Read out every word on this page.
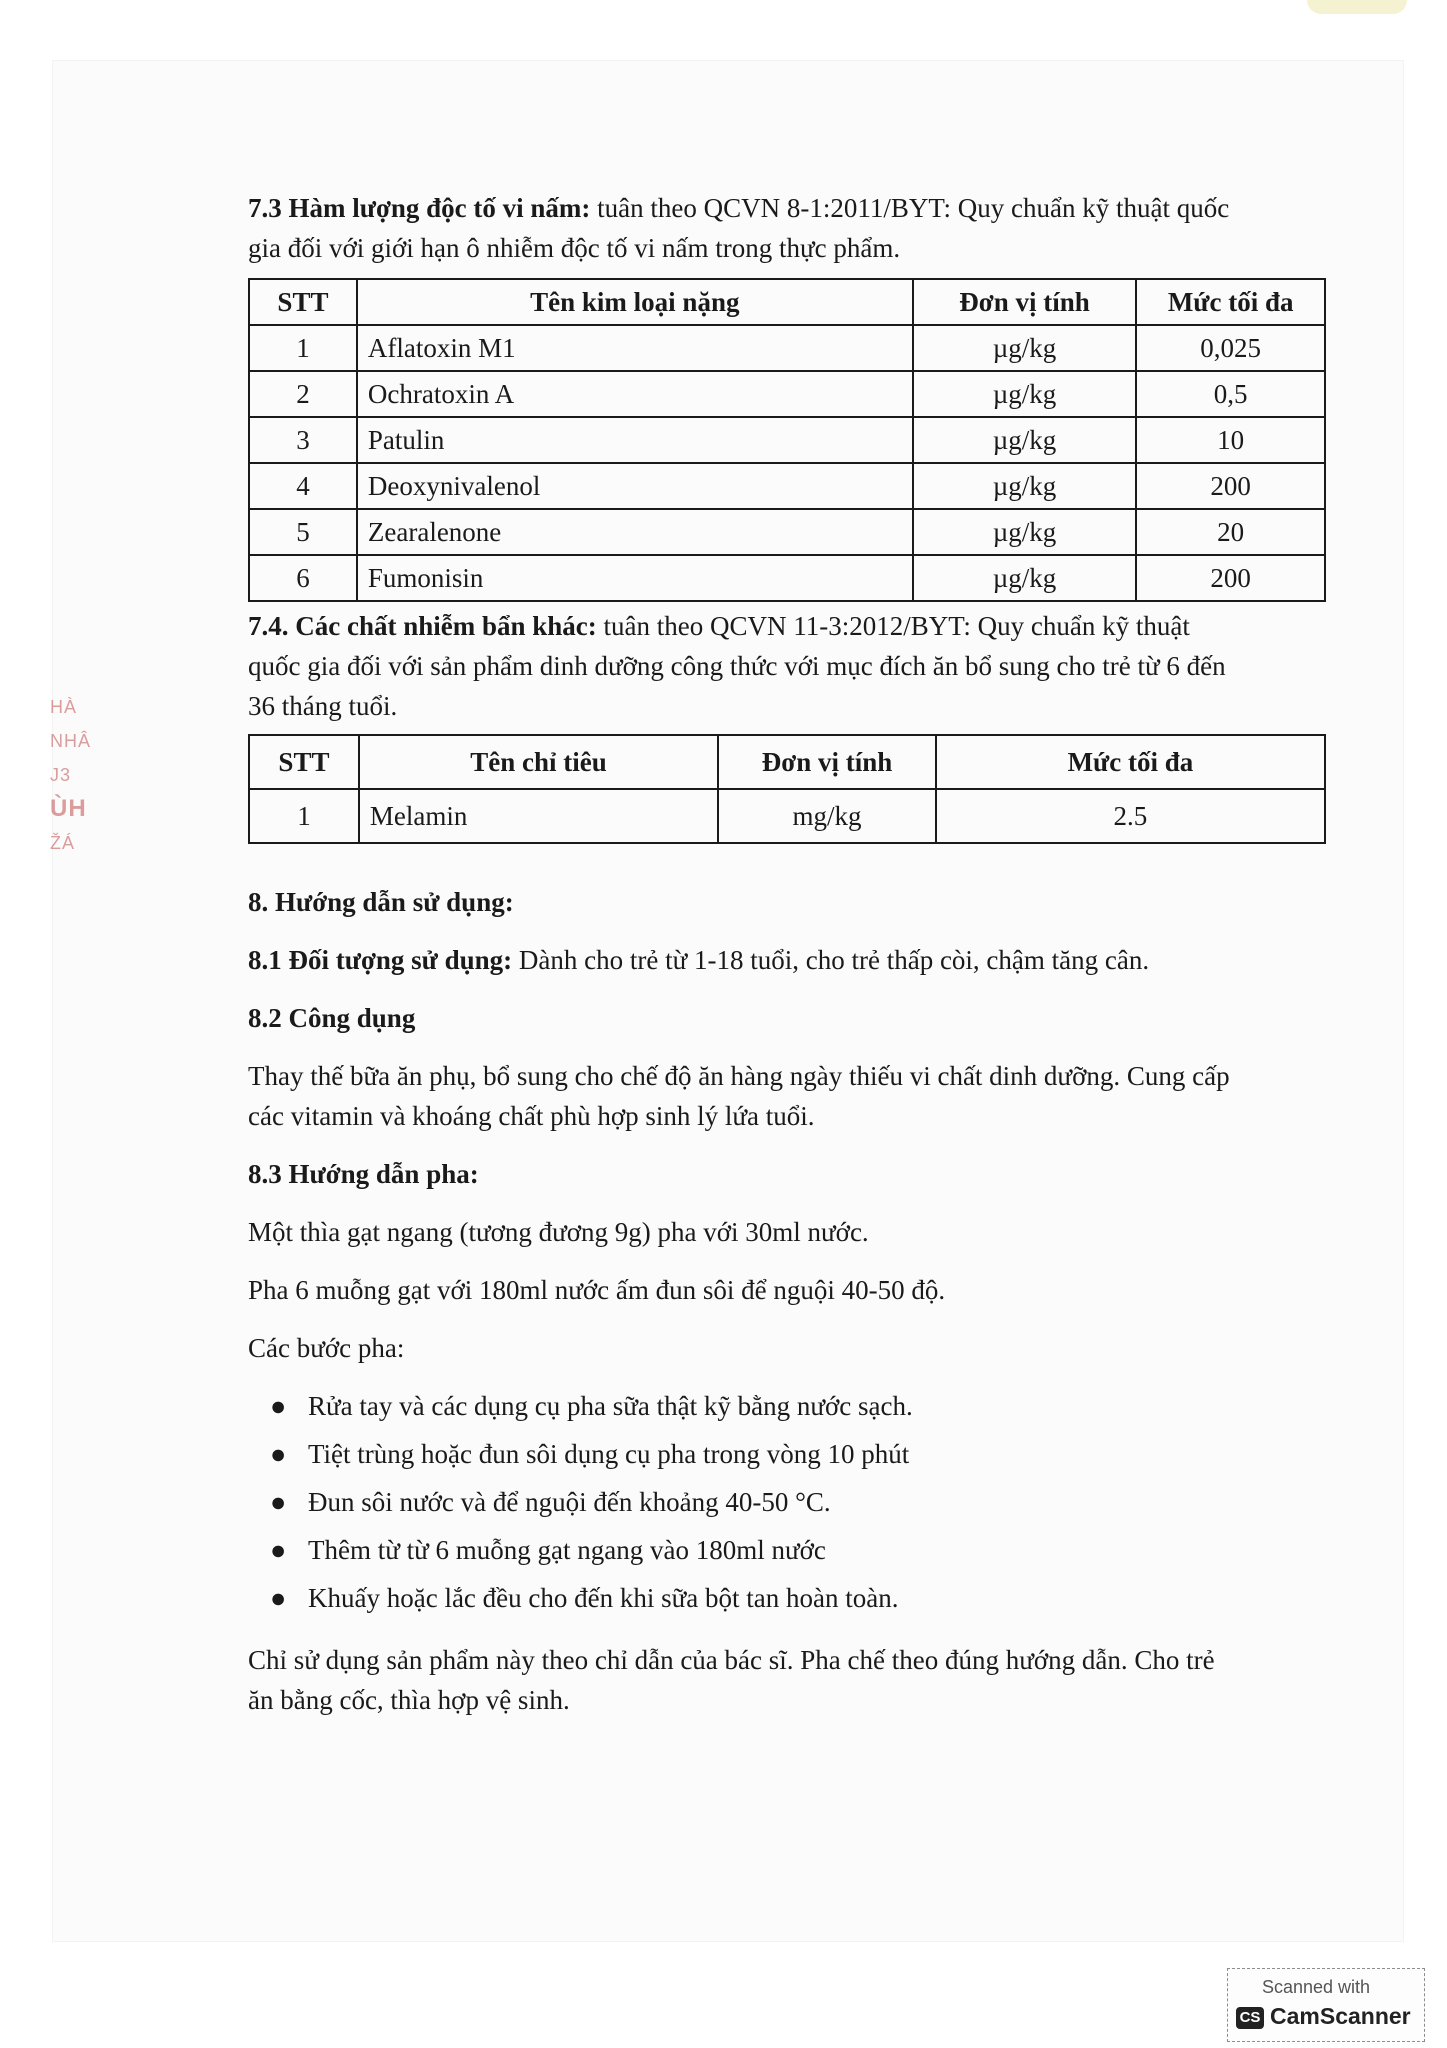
HÀ
NHÂ
J3
ÙH
ŽÁ

7.3 Hàm lượng độc tố vi nấm: tuân theo QCVN 8-1:2011/BYT: Quy chuẩn kỹ thuật quốc

gia đối với giới hạn ô nhiễm độc tố vi nấm trong thực phẩm.

STT	Tên kim loại nặng	Đơn vị tính	Mức tối đa
1	Aflatoxin M1	µg/kg	0,025
2	Ochratoxin A	µg/kg	0,5
3	Patulin	µg/kg	10
4	Deoxynivalenol	µg/kg	200
5	Zearalenone	µg/kg	20
6	Fumonisin	µg/kg	200

7.4. Các chất nhiễm bẩn khác: tuân theo QCVN 11-3:2012/BYT: Quy chuẩn kỹ thuật

quốc gia đối với sản phẩm dinh dưỡng công thức với mục đích ăn bổ sung cho trẻ từ 6 đến

36 tháng tuổi.

STT	Tên chỉ tiêu	Đơn vị tính	Mức tối đa
1	Melamin	mg/kg	2.5

8. Hướng dẫn sử dụng:

8.1 Đối tượng sử dụng: Dành cho trẻ từ 1-18 tuổi, cho trẻ thấp còi, chậm tăng cân.

8.2 Công dụng

Thay thế bữa ăn phụ, bổ sung cho chế độ ăn hàng ngày thiếu vi chất dinh dưỡng. Cung cấp

các vitamin và khoáng chất phù hợp sinh lý lứa tuổi.

8.3 Hướng dẫn pha:

Một thìa gạt ngang (tương đương 9g) pha với 30ml nước.

Pha 6 muỗng gạt với 180ml nước ấm đun sôi để nguội 40-50 độ.

Các bước pha:

● Rửa tay và các dụng cụ pha sữa thật kỹ bằng nước sạch.
● Tiệt trùng hoặc đun sôi dụng cụ pha trong vòng 10 phút
● Đun sôi nước và để nguội đến khoảng 40-50 °C.
● Thêm từ từ 6 muỗng gạt ngang vào 180ml nước
● Khuấy hoặc lắc đều cho đến khi sữa bột tan hoàn toàn.

Chỉ sử dụng sản phẩm này theo chỉ dẫn của bác sĩ. Pha chế theo đúng hướng dẫn. Cho trẻ

ăn bằng cốc, thìa hợp vệ sinh.

Scanned with
CS CamScanner
